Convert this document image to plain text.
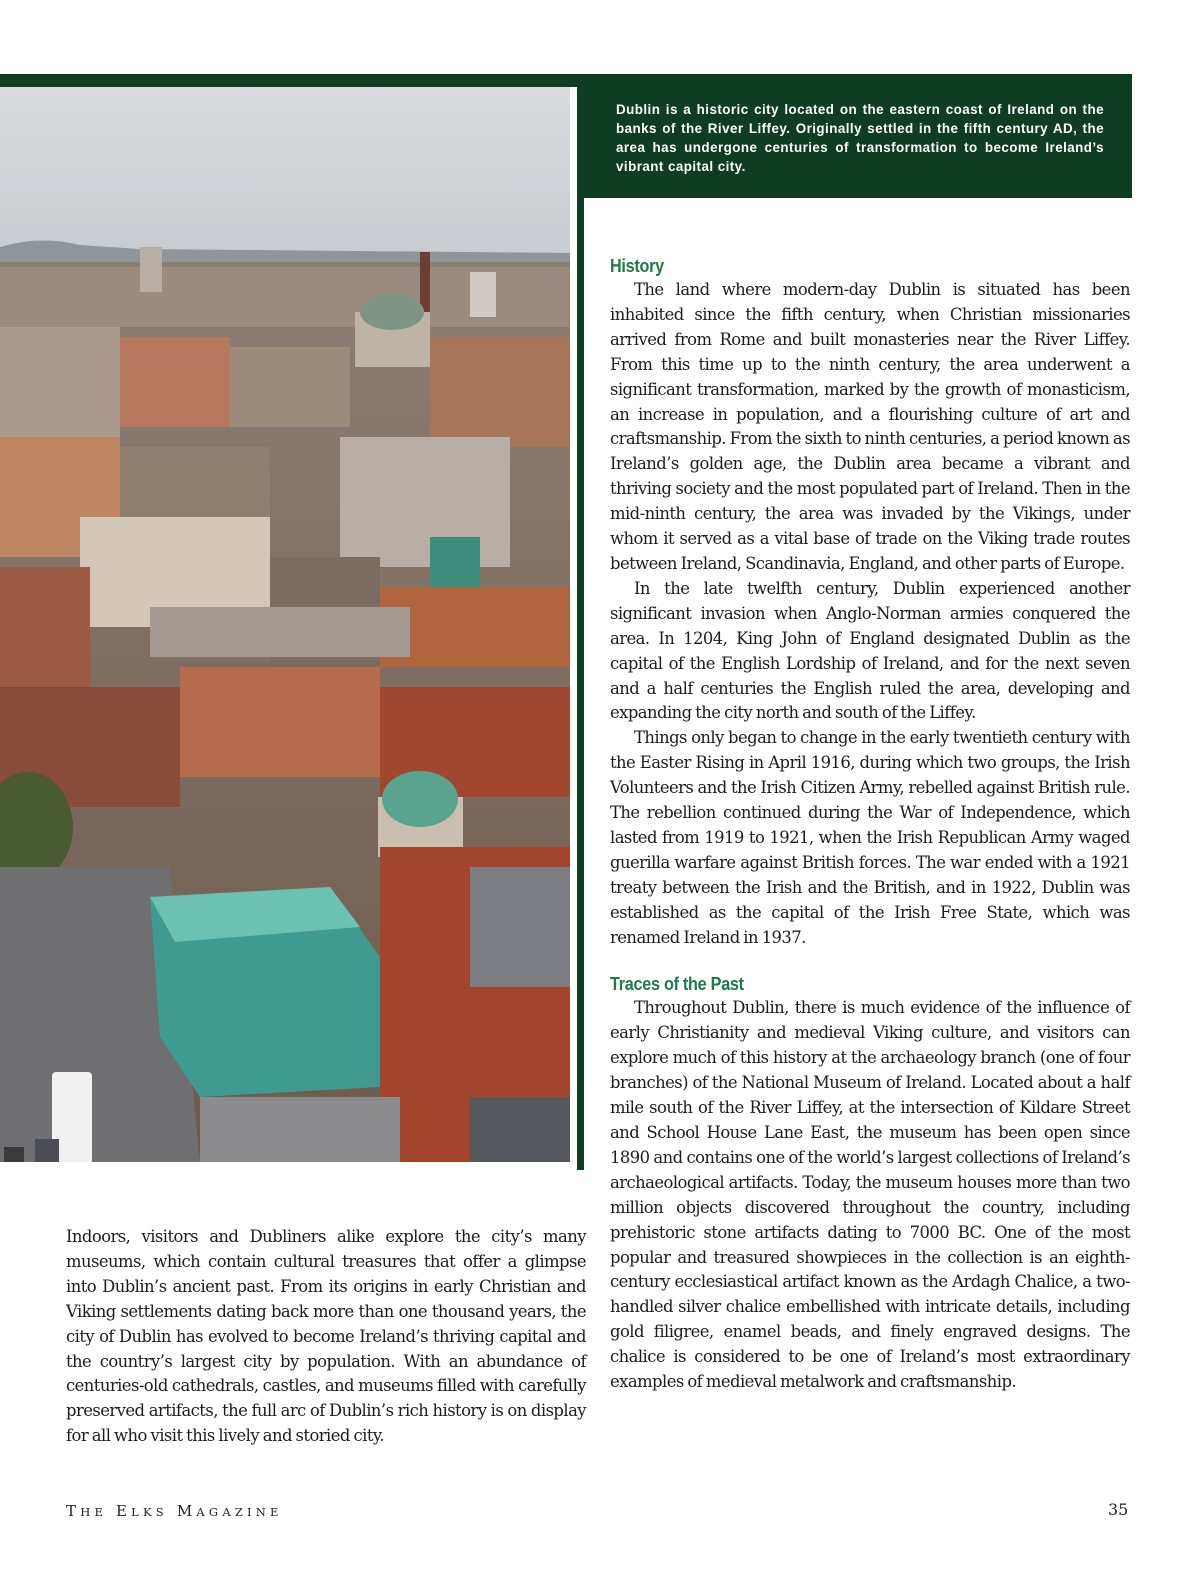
Dublin is a historic city located on the eastern coast of Ireland on the banks of the River Liffey. Originally settled in the fifth century AD, the area has undergone centuries of transformation to become Ireland’s vibrant capital city.

History

The land where modern-day Dublin is situated has been inhabited since the fifth century, when Christian missionaries arrived from Rome and built monasteries near the River Liffey. From this time up to the ninth century, the area underwent a significant transformation, marked by the growth of monasticism, an increase in population, and a flourishing culture of art and craftsmanship. From the sixth to ninth centuries, a period known as Ireland’s golden age, the Dublin area became a vibrant and thriving society and the most populated part of Ireland. Then in the mid-ninth century, the area was invaded by the Vikings, under whom it served as a vital base of trade on the Viking trade routes between Ireland, Scandinavia, England, and other parts of Europe.

In the late twelfth century, Dublin experienced another significant invasion when Anglo-Norman armies conquered the area. In 1204, King John of England designated Dublin as the capital of the English Lordship of Ireland, and for the next seven and a half centuries the English ruled the area, developing and expanding the city north and south of the Liffey.

Things only began to change in the early twentieth century with the Easter Rising in April 1916, during which two groups, the Irish Volunteers and the Irish Citizen Army, rebelled against British rule. The rebellion continued during the War of Independence, which lasted from 1919 to 1921, when the Irish Republican Army waged guerilla warfare against British forces. The war ended with a 1921 treaty between the Irish and the British, and in 1922, Dublin was established as the capital of the Irish Free State, which was renamed Ireland in 1937.

Traces of the Past

Throughout Dublin, there is much evidence of the influence of early Christianity and medieval Viking culture, and visitors can explore much of this history at the archaeology branch (one of four branches) of the National Museum of Ireland. Located about a half mile south of the River Liffey, at the intersection of Kildare Street and School House Lane East, the museum has been open since 1890 and contains one of the world’s largest collections of Ireland’s archaeological artifacts. Today, the museum houses more than two million objects discovered throughout the country, including prehistoric stone artifacts dating to 7000 BC. One of the most popular and treasured showpieces in the collection is an eighth-century ecclesiastical artifact known as the Ardagh Chalice, a two-handled silver chalice embellished with intricate details, including gold filigree, enamel beads, and finely engraved designs. The chalice is considered to be one of Ireland’s most extraordinary examples of medieval metalwork and craftsmanship.

Indoors, visitors and Dubliners alike explore the city’s many museums, which contain cultural treasures that offer a glimpse into Dublin’s ancient past. From its origins in early Christian and Viking settlements dating back more than one thousand years, the city of Dublin has evolved to become Ireland’s thriving capital and the country’s largest city by population. With an abundance of centuries-old cathedrals, castles, and museums filled with carefully preserved artifacts, the full arc of Dublin’s rich history is on display for all who visit this lively and storied city.

THE ELKS MAGAZINE	35
